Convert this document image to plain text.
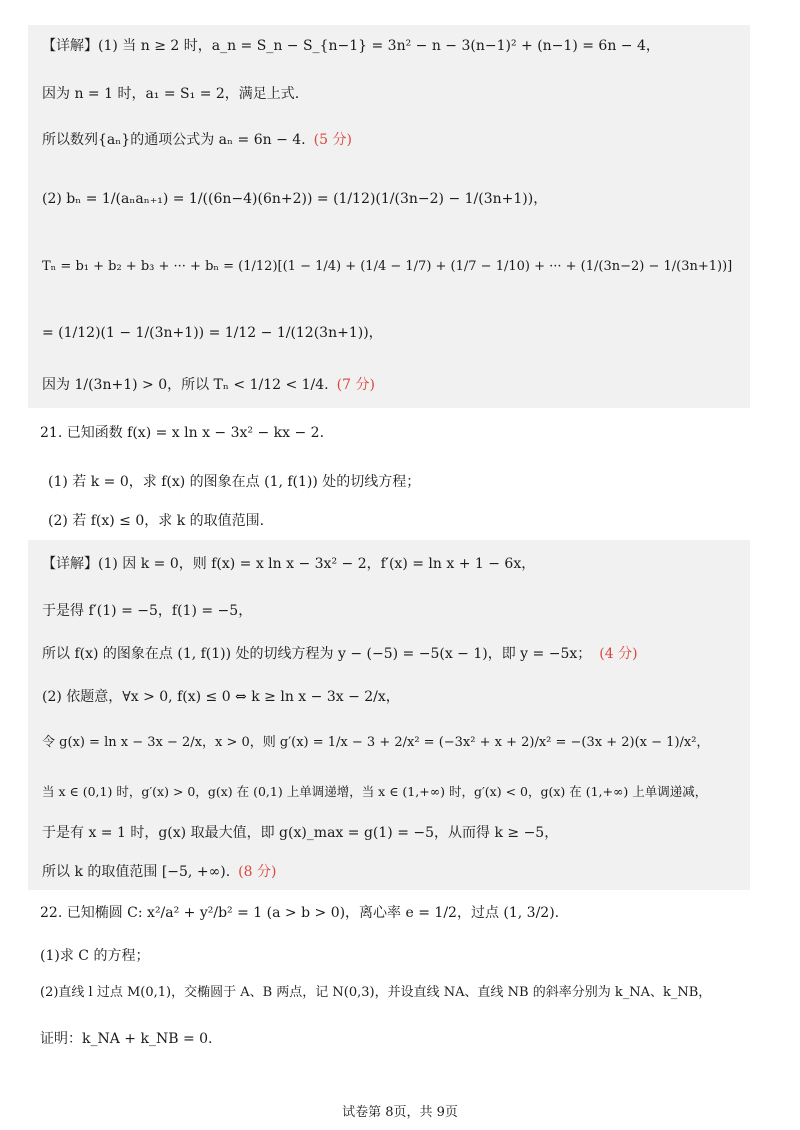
【详解】(1) 当 n ≥ 2 时，a_n = S_n − S_{n−1} = 3n² − n − 3(n−1)² + (n−1) = 6n − 4，
因为 n = 1 时，a₁ = S₁ = 2，满足上式.
所以数列{aₙ}的通项公式为 aₙ = 6n − 4. (5 分)
(2) bₙ = 1/(aₙaₙ₊₁) = 1/((6n−4)(6n+2)) = (1/12)(1/(3n−2) − 1/(3n+1))，
Tₙ = b₁ + b₂ + b₃ + ··· + bₙ = (1/12)[(1 − 1/4) + (1/4 − 1/7) + (1/7 − 1/10) + ··· + (1/(3n−2) − 1/(3n+1))]
= (1/12)(1 − 1/(3n+1)) = 1/12 − 1/(12(3n+1))，
因为 1/(3n+1) > 0，所以 Tₙ < 1/12 < 1/4. (7 分)
21. 已知函数 f(x) = x ln x − 3x² − kx − 2.
(1) 若 k = 0，求 f(x) 的图象在点 (1, f(1)) 处的切线方程；
(2) 若 f(x) ≤ 0，求 k 的取值范围.
【详解】(1) 因 k = 0，则 f(x) = x ln x − 3x² − 2，f′(x) = ln x + 1 − 6x，
于是得 f′(1) = −5，f(1) = −5，
所以 f(x) 的图象在点 (1, f(1)) 处的切线方程为 y − (−5) = −5(x − 1)，即 y = −5x； (4 分)
(2) 依题意，∀x > 0, f(x) ≤ 0 ⇔ k ≥ ln x − 3x − 2/x，
令 g(x) = ln x − 3x − 2/x，x > 0，则 g′(x) = 1/x − 3 + 2/x² = (−3x² + x + 2)/x² = −(3x + 2)(x − 1)/x²，
当 x ∈ (0,1) 时，g′(x) > 0，g(x) 在 (0,1) 上单调递增，当 x ∈ (1,+∞) 时，g′(x) < 0，g(x) 在 (1,+∞) 上单调递减，
于是有 x = 1 时，g(x) 取最大值，即 g(x)_max = g(1) = −5，从而得 k ≥ −5，
所以 k 的取值范围 [−5, +∞). (8 分)
22. 已知椭圆 C: x²/a² + y²/b² = 1 (a > b > 0)，离心率 e = 1/2，过点 (1, 3/2).
(1)求 C 的方程；
(2)直线 l 过点 M(0,1)，交椭圆于 A、B 两点，记 N(0,3)，并设直线 NA、直线 NB 的斜率分别为 k_NA、k_NB，
证明：k_NA + k_NB = 0.
试卷第 8页，共 9页
